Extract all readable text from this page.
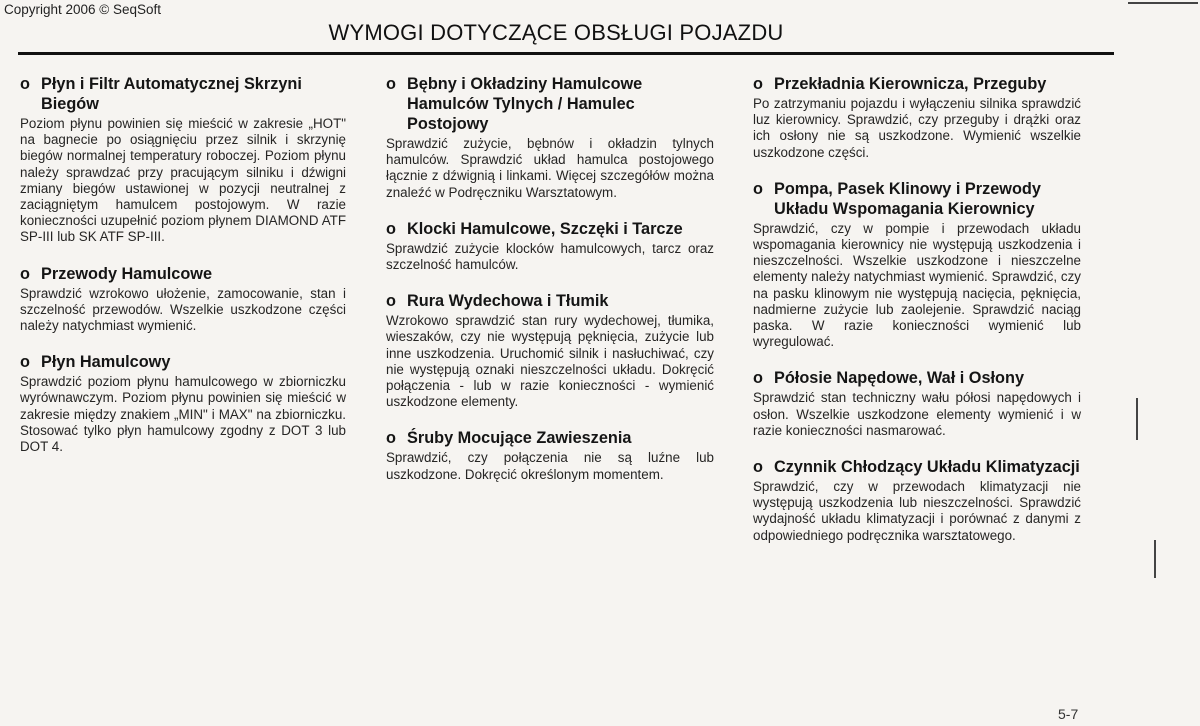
Copyright 2006 © SeqSoft
WYMOGI DOTYCZĄCE OBSŁUGI POJAZDU
o Płyn i Filtr Automatycznej Skrzyni Biegów
Poziom płynu powinien się mieścić w zakresie „HOT" na bagnecie po osiągnięciu przez silnik i skrzynię biegów normalnej temperatury roboczej. Poziom płynu należy sprawdzać przy pracującym silniku i dźwigni zmiany biegów ustawionej w pozycji neutralnej z zaciągniętym hamulcem postojowym. W razie konieczności uzupełnić poziom płynem DIAMOND ATF SP-III lub SK ATF SP-III.
o Przewody Hamulcowe
Sprawdzić wzrokowo ułożenie, zamocowanie, stan i szczelność przewodów. Wszelkie uszkodzone części należy natychmiast wymienić.
o Płyn Hamulcowy
Sprawdzić poziom płynu hamulcowego w zbiorniczku wyrównawczym. Poziom płynu powinien się mieścić w zakresie między znakiem „MIN" i MAX" na zbiorniczku. Stosować tylko płyn hamulcowy zgodny z DOT 3 lub DOT 4.
o Bębny i Okładziny Hamulcowe Hamulców Tylnych / Hamulec Postojowy
Sprawdzić zużycie, bębnów i okładzin tylnych hamulców. Sprawdzić układ hamulca postojowego łącznie z dźwignią i linkami. Więcej szczegółów można znaleźć w Podręczniku Warsztatowym.
o Klocki Hamulcowe, Szczęki i Tarcze
Sprawdzić zużycie klocków hamulcowych, tarcz oraz szczelność hamulców.
o Rura Wydechowa i Tłumik
Wzrokowo sprawdzić stan rury wydechowej, tłumika, wieszaków, czy nie występują pęknięcia, zużycie lub inne uszkodzenia. Uruchomić silnik i nasłuchiwać, czy nie występują oznaki nieszczelności układu. Dokręcić połączenia - lub w razie konieczności - wymienić uszkodzone elementy.
o Śruby Mocujące Zawieszenia
Sprawdzić, czy połączenia nie są luźne lub uszkodzone. Dokręcić określonym momentem.
o Przekładnia Kierownicza, Przeguby
Po zatrzymaniu pojazdu i wyłączeniu silnika sprawdzić luz kierownicy. Sprawdzić, czy przeguby i drążki oraz ich osłony nie są uszkodzone. Wymienić wszelkie uszkodzone części.
o Pompa, Pasek Klinowy i Przewody Układu Wspomagania Kierownicy
Sprawdzić, czy w pompie i przewodach układu wspomagania kierownicy nie występują uszkodzenia i nieszczelności. Wszelkie uszkodzone i nieszczelne elementy należy natychmiast wymienić. Sprawdzić, czy na pasku klinowym nie występują nacięcia, pęknięcia, nadmierne zużycie lub zaolejenie. Sprawdzić naciąg paska. W razie konieczności wymienić lub wyregulować.
o Półosie Napędowe, Wał i Osłony
Sprawdzić stan techniczny wału półosi napędowych i osłon. Wszelkie uszkodzone elementy wymienić i w razie konieczności nasmarować.
o Czynnik Chłodzący Układu Klimatyzacji
Sprawdzić, czy w przewodach klimatyzacji nie występują uszkodzenia lub nieszczelności. Sprawdzić wydajność układu klimatyzacji i porównać z danymi z odpowiedniego podręcznika warsztatowego.
5-7
